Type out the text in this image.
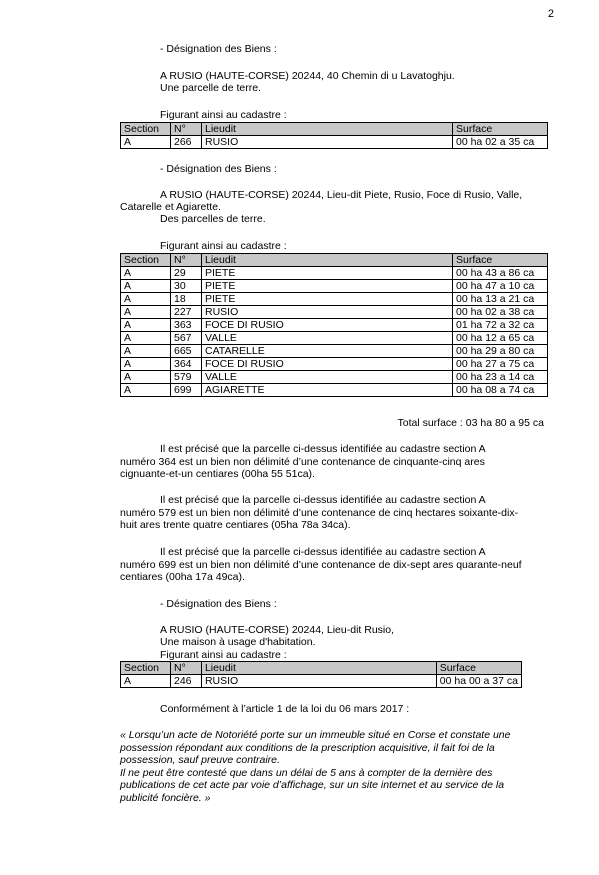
2
- Désignation des Biens :
A RUSIO (HAUTE-CORSE) 20244, 40 Chemin di u Lavatoghju.
Une parcelle de terre.
Figurant ainsi au cadastre :
Section	N°	Lieudit	Surface
A	266	RUSIO	00 ha 02 a 35 ca
- Désignation des Biens :
A RUSIO (HAUTE-CORSE) 20244, Lieu-dit Piete, Rusio, Foce di Rusio, Valle,
Catarelle et Agiarette.
Des parcelles de terre.
Figurant ainsi au cadastre :
Section	N°	Lieudit	Surface
A	29	PIETE	00 ha 43 a 86 ca
A	30	PIETE	00 ha 47 a 10 ca
A	18	PIETE	00 ha 13 a 21 ca
A	227	RUSIO	00 ha 02 a 38 ca
A	363	FOCE DI RUSIO	01 ha 72 a 32 ca
A	567	VALLE	00 ha 12 a 65 ca
A	665	CATARELLE	00 ha 29 a 80 ca
A	364	FOCE DI RUSIO	00 ha 27 a 75 ca
A	579	VALLE	00 ha 23 a 14 ca
A	699	AGIARETTE	00 ha 08 a 74 ca
Total surface : 03 ha 80 a 95 ca
Il est précisé que la parcelle ci-dessus identifiée au cadastre section A
numéro 364 est un bien non délimité d’une contenance de cinquante-cinq ares
cignuante-et-un centiares (00ha 55 51ca).
Il est précisé que la parcelle ci-dessus identifiée au cadastre section A
numéro 579 est un bien non délimité d’une contenance de cinq hectares soixante-dix-
huit ares trente quatre centiares (05ha 78a 34ca).
Il est précisé que la parcelle ci-dessus identifiée au cadastre section A
numéro 699 est un bien non délimité d’une contenance de dix-sept ares quarante-neuf
centiares (00ha 17a 49ca).
- Désignation des Biens :
A RUSIO (HAUTE-CORSE) 20244, Lieu-dit Rusio,
Une maison à usage d'habitation.
Figurant ainsi au cadastre :
Section	N°	Lieudit	Surface
A	246	RUSIO	00 ha 00 a 37 ca
Conformément à l’article 1 de la loi du 06 mars 2017 :
« Lorsqu’un acte de Notoriété porte sur un immeuble situé en Corse et constate une
possession répondant aux conditions de la prescription acquisitive, il fait foi de la
possession, sauf preuve contraire.
Il ne peut être contesté que dans un délai de 5 ans à compter de la dernière des
publications de cet acte par voie d’affichage, sur un site internet et au service de la
publicité foncière. »
